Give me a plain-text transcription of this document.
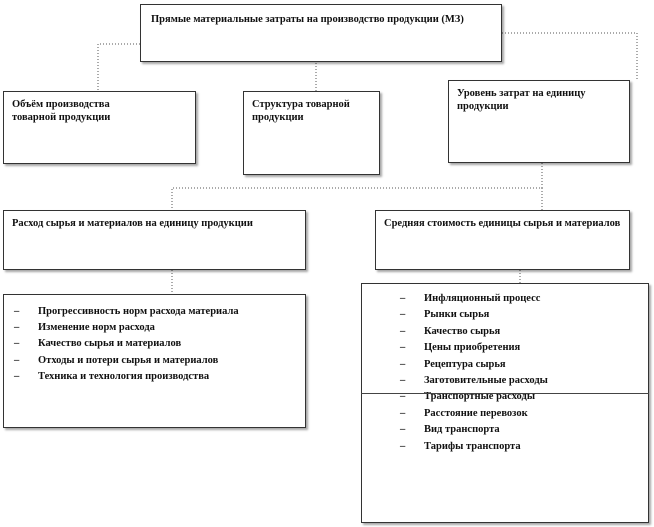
Прямые материальные затраты на производство продукции (МЗ)
Объём производства
товарной продукции
Структура товарной
продукции
Уровень затрат на единицу
продукции
Расход сырья и материалов на единицу продукции	Средняя стоимость единицы сырья и материалов
– Прогрессивность норм расхода материала
– Изменение норм расхода
– Качество сырья и материалов
– Отходы и потери сырья и материалов
– Техника и технология производства
– Инфляционный процесс
– Рынки сырья
– Качество сырья
– Цены приобретения
– Рецептура сырья
– Заготовительные расходы
– Транспортные расходы
– Расстояние перевозок
– Вид транспорта
– Тарифы транспорта
